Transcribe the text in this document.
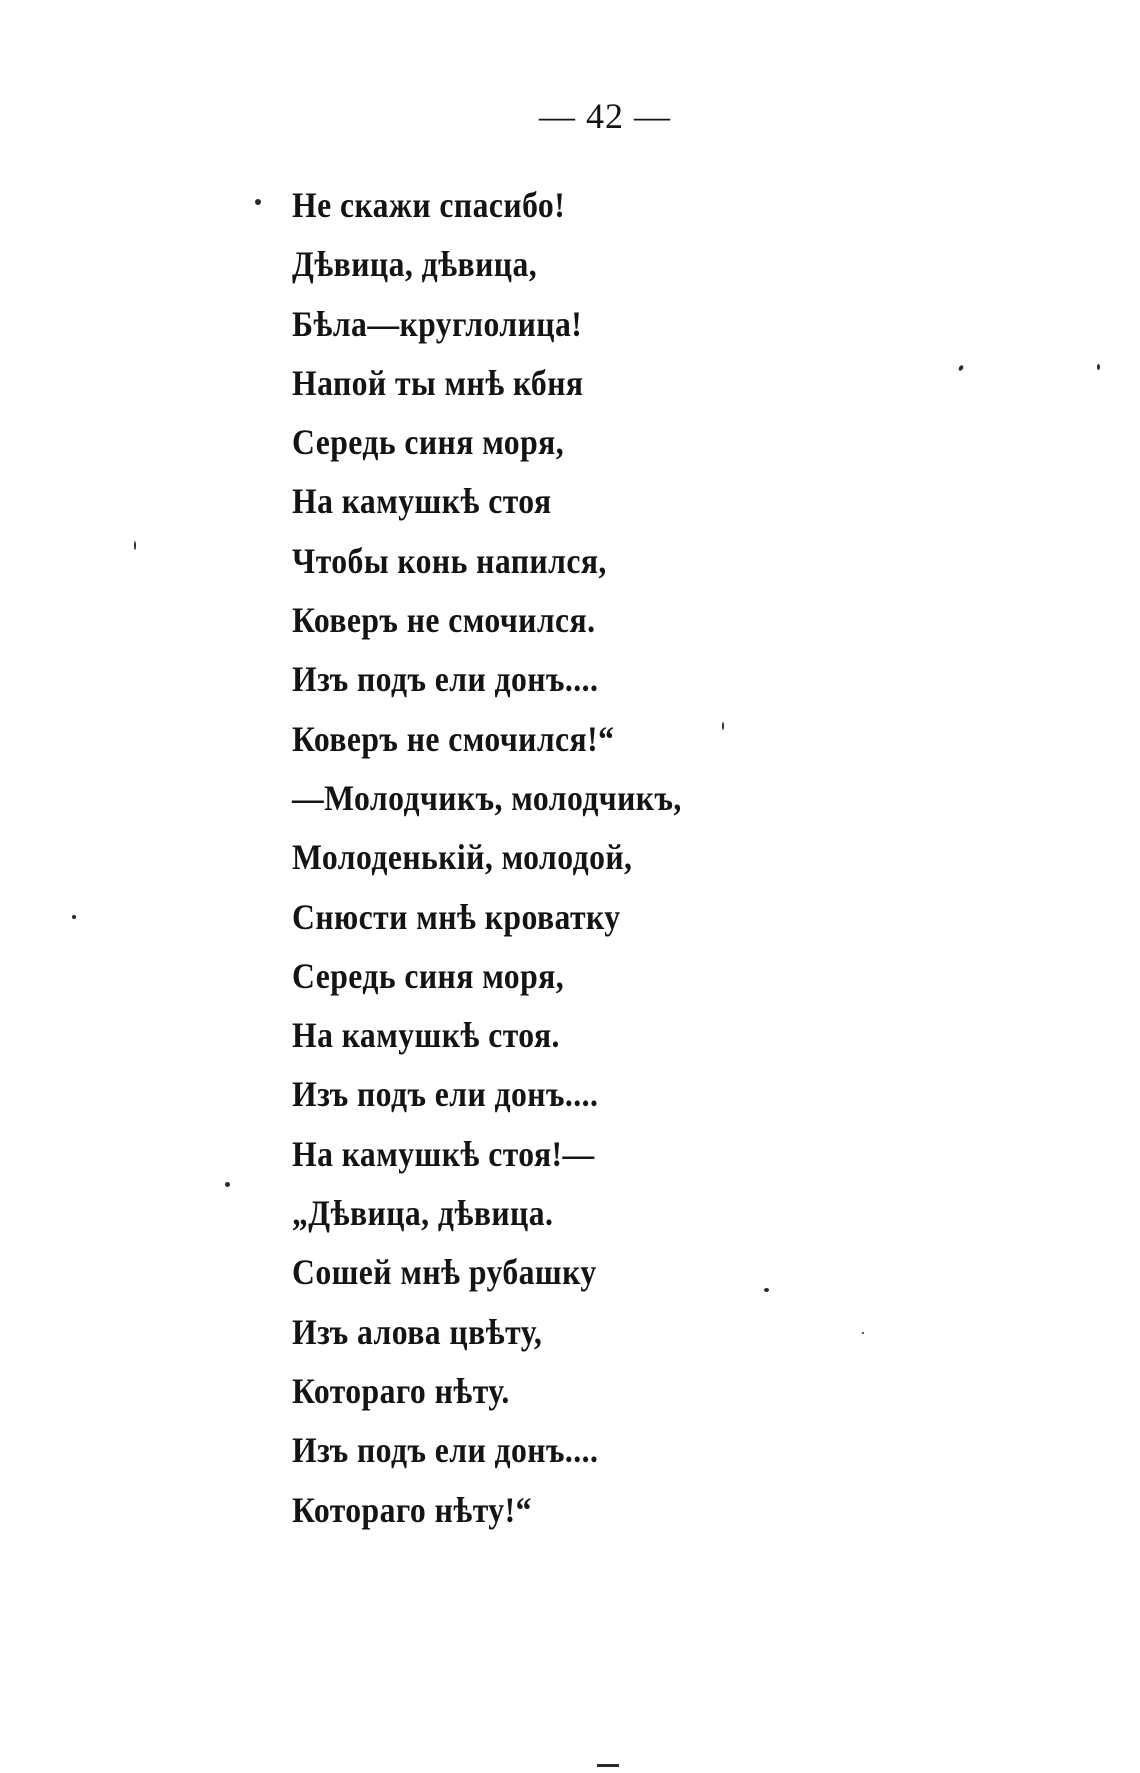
— 42 —
Не скажи спасибо!
Дѣвица, дѣвица,
Бѣла—круглолица!
Напой ты мнѣ кбня
Середь синя моря,
На камушкѣ стоя
Чтобы конь напился,
Коверъ не смочился.
Изъ подъ ели донъ....
Коверъ не смочился!“
—Молодчикъ, молодчикъ,
Молоденькій, молодой,
Снюсти мнѣ кроватку
Середь синя моря,
На камушкѣ стоя.
Изъ подъ ели донъ....
На камушкѣ стоя!—
„Дѣвица, дѣвица.
Сошей мнѣ рубашку
Изъ алова цвѣту,
Котораго нѣту.
Изъ подъ ели донъ....
Котораго нѣту!“
